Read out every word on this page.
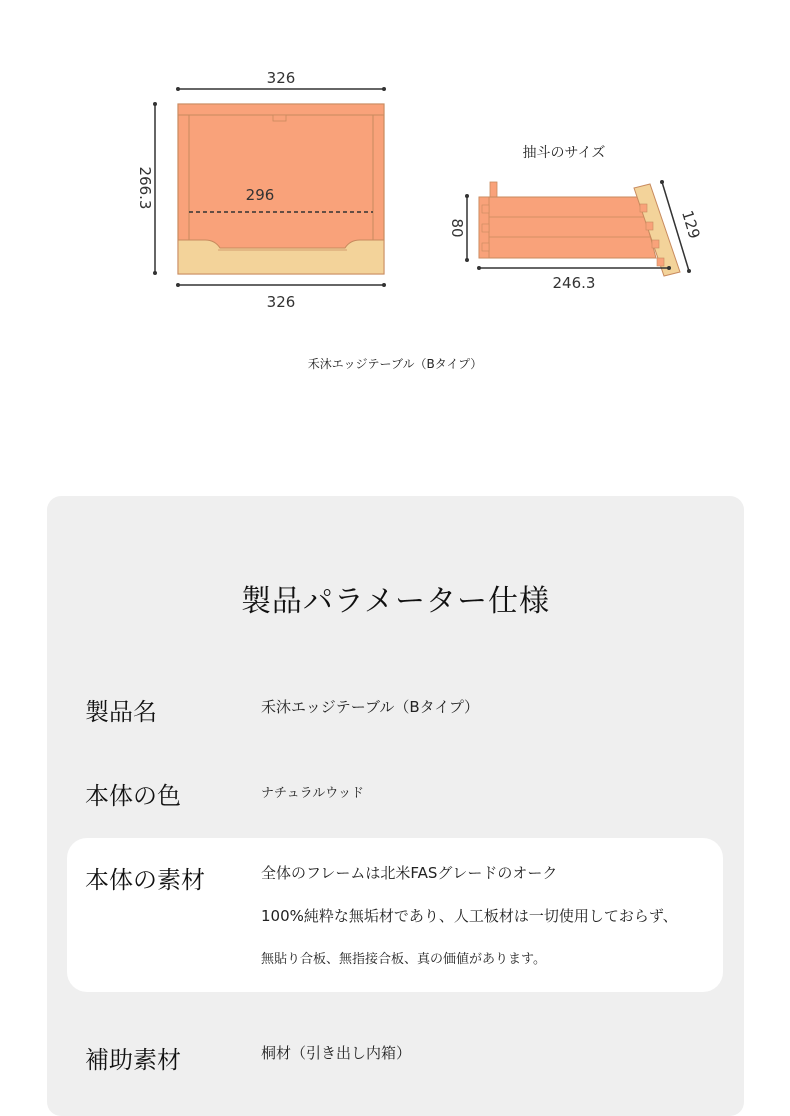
326
266.3	296
326
抽斗のサイズ
80	129
246.3
禾沐エッジテーブル（Bタイプ）
製品パラメーター仕様
製品名	禾沐エッジテーブル（Bタイプ）
本体の色	ナチュラルウッド
本体の素材	全体のフレームは北米FASグレードのオーク
100%純粋な無垢材であり、人工板材は一切使用しておらず、
無貼り合板、無指接合板、真の価値があります。
補助素材	桐材（引き出し内箱）
